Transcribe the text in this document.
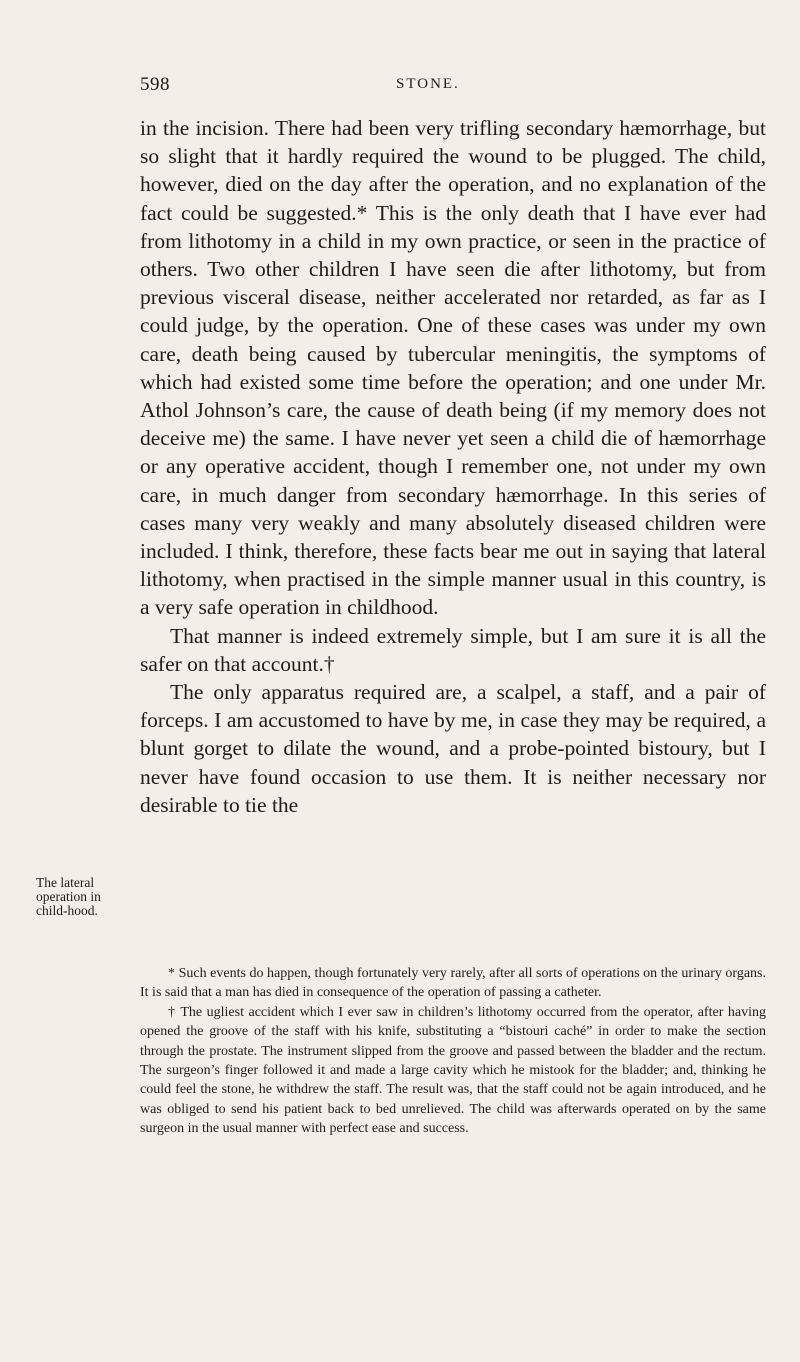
598	STONE.
The lateral operation in child-hood.

in the incision. There had been very trifling secondary hæmorrhage, but so slight that it hardly required the wound to be plugged. The child, however, died on the day after the operation, and no explanation of the fact could be suggested.* This is the only death that I have ever had from lithotomy in a child in my own practice, or seen in the practice of others. Two other children I have seen die after lithotomy, but from previous visceral disease, neither accelerated nor retarded, as far as I could judge, by the operation. One of these cases was under my own care, death being caused by tubercular meningitis, the symptoms of which had existed some time before the operation; and one under Mr. Athol Johnson’s care, the cause of death being (if my memory does not deceive me) the same. I have never yet seen a child die of hæmorrhage or any operative accident, though I remember one, not under my own care, in much danger from secondary hæmorrhage. In this series of cases many very weakly and many absolutely diseased children were included. I think, therefore, these facts bear me out in saying that lateral lithotomy, when practised in the simple manner usual in this country, is a very safe operation in childhood.

That manner is indeed extremely simple, but I am sure it is all the safer on that account.†

The only apparatus required are, a scalpel, a staff, and a pair of forceps. I am accustomed to have by me, in case they may be required, a blunt gorget to dilate the wound, and a probe-pointed bistoury, but I never have found occasion to use them. It is neither necessary nor desirable to tie the

* Such events do happen, though fortunately very rarely, after all sorts of operations on the urinary organs. It is said that a man has died in consequence of the operation of passing a catheter.

† The ugliest accident which I ever saw in children’s lithotomy occurred from the operator, after having opened the groove of the staff with his knife, substituting a “bistouri caché” in order to make the section through the prostate. The instrument slipped from the groove and passed between the bladder and the rectum. The surgeon’s finger followed it and made a large cavity which he mistook for the bladder; and, thinking he could feel the stone, he withdrew the staff. The result was, that the staff could not be again introduced, and he was obliged to send his patient back to bed unrelieved. The child was afterwards operated on by the same surgeon in the usual manner with perfect ease and success.
